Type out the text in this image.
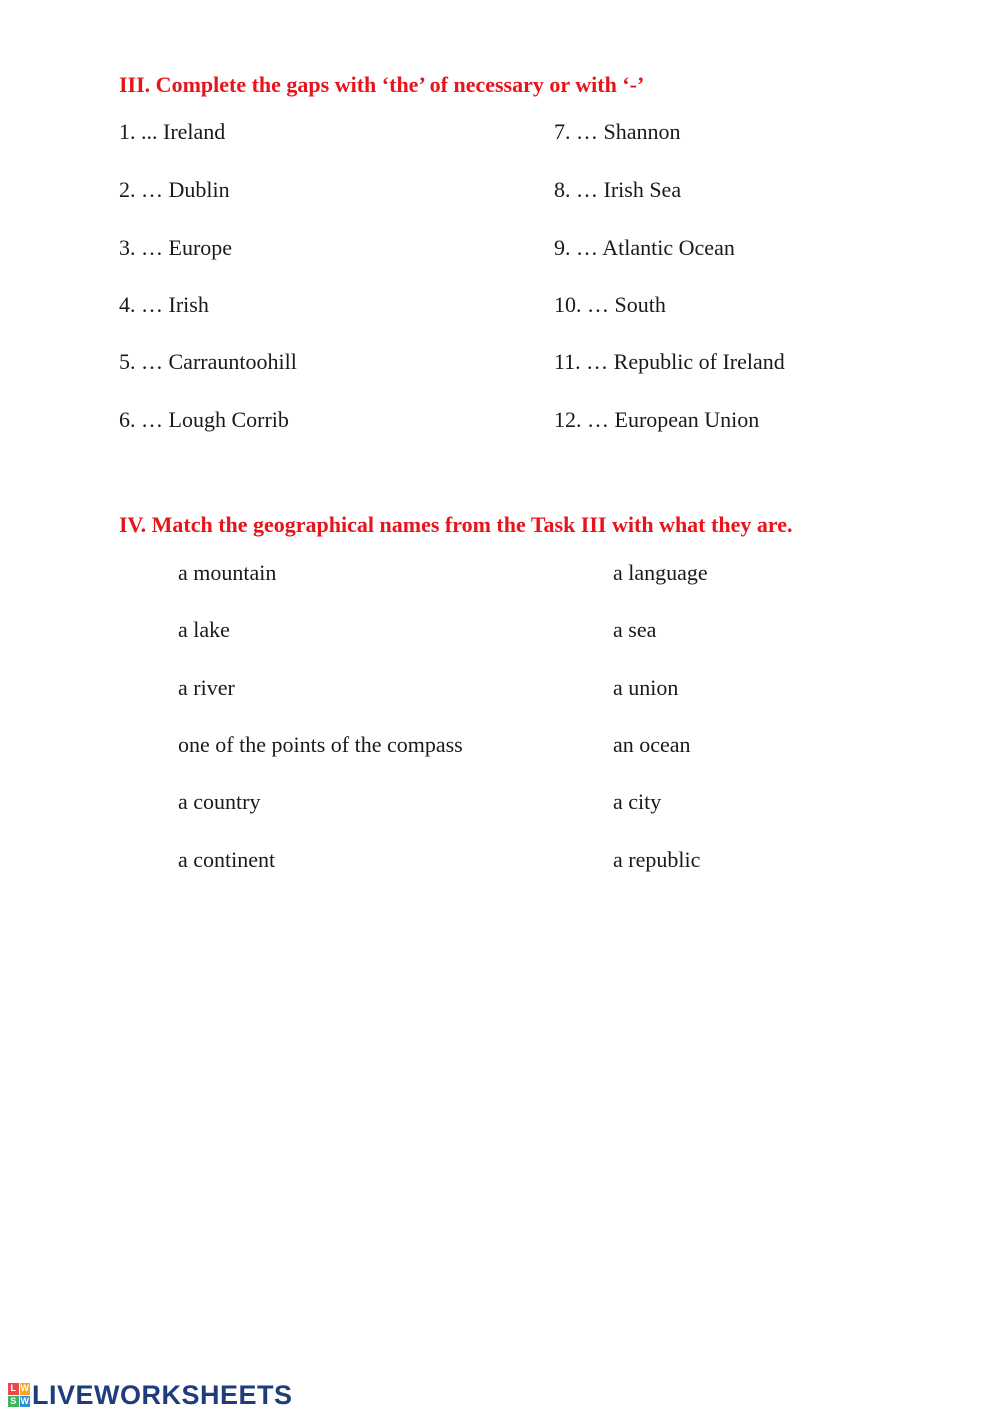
III. Complete the gaps with ‘the’ of necessary or with ‘-’
1. ... Ireland
2. … Dublin
3. … Europe
4. … Irish
5. … Carrauntoohill
6. … Lough Corrib
7. … Shannon
8. … Irish Sea
9. … Atlantic Ocean
10. … South
11. … Republic of Ireland
12. … European Union
IV. Match the geographical names from the Task III with what they are.
a mountain
a lake
a river
one of the points of the compass
a country
a continent
a language
a sea
a union
an ocean
a city
a republic
L W
S W LIVEWORKSHEETS
